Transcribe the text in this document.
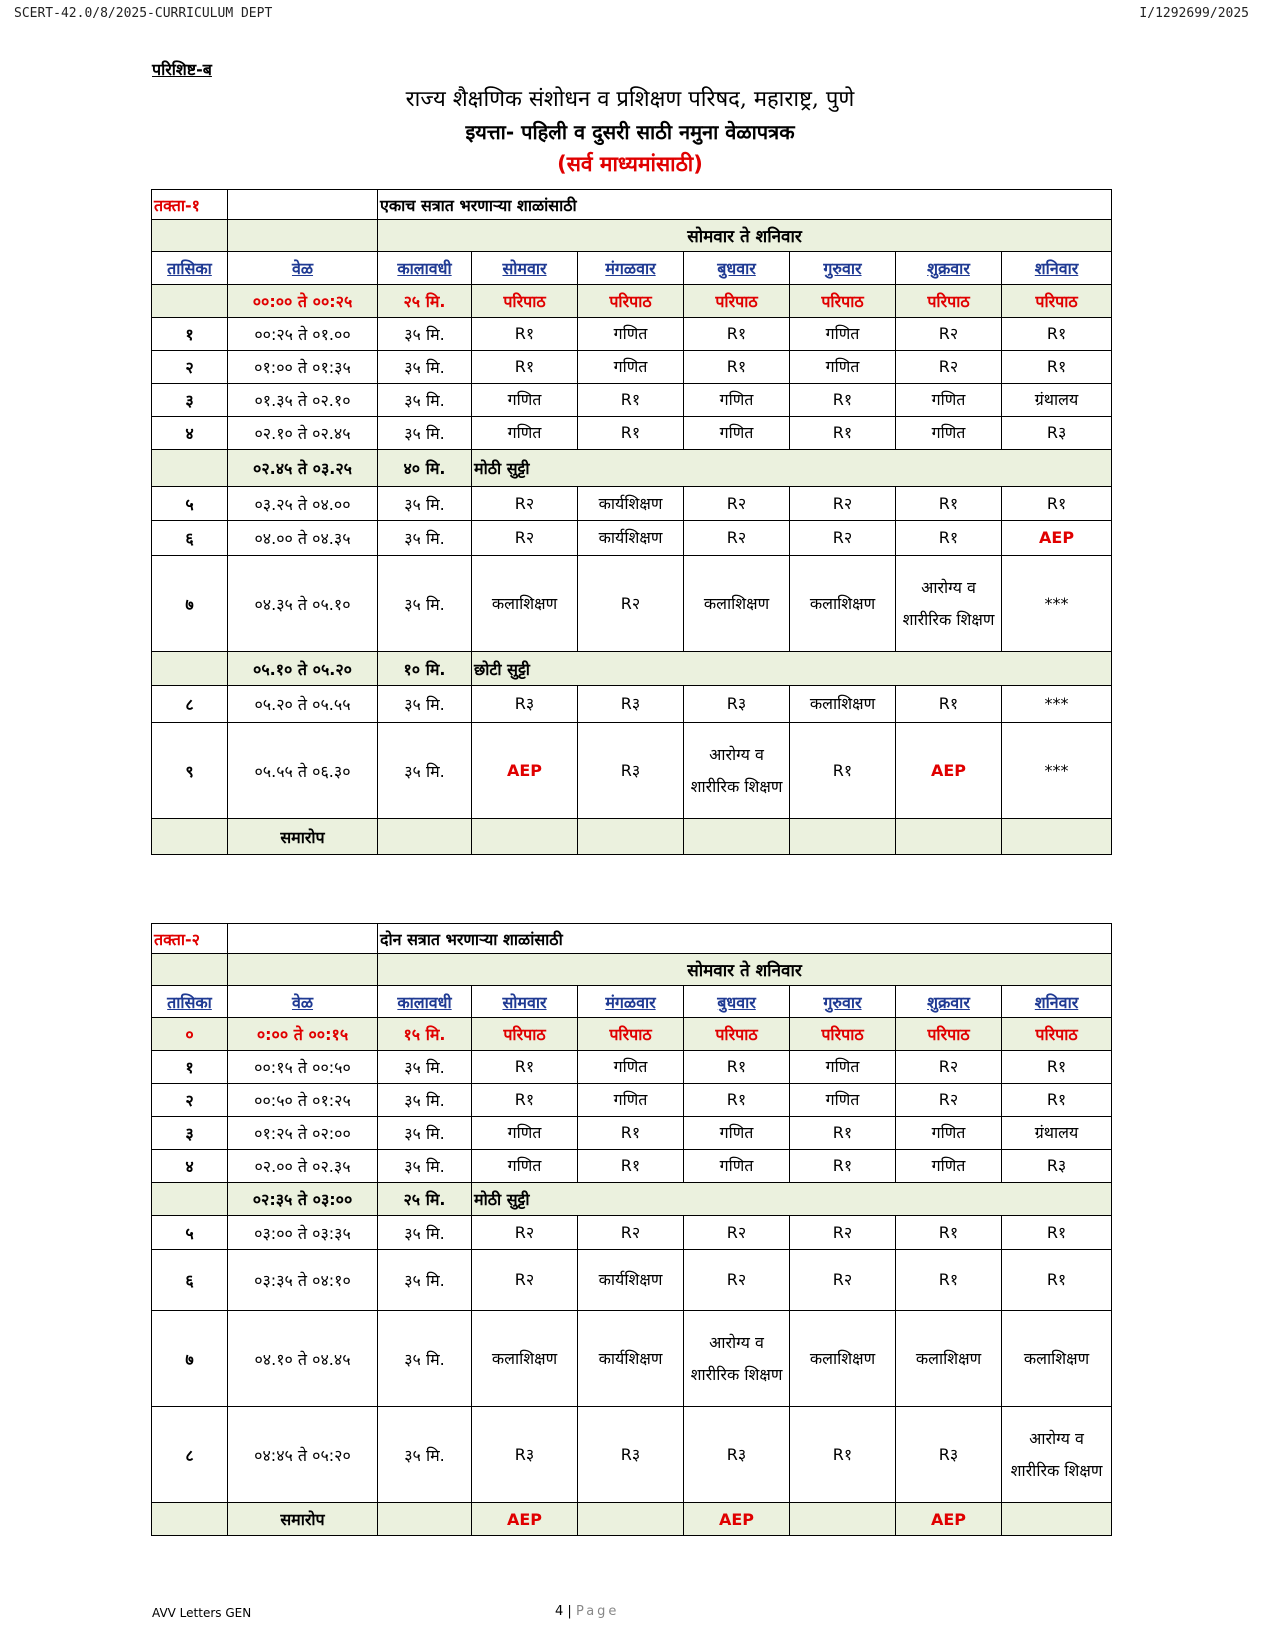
SCERT-42.0/8/2025-CURRICULUM DEPT	I/1292699/2025
परिशिष्ट-ब

राज्य शैक्षणिक संशोधन व प्रशिक्षण परिषद, महाराष्ट्र, पुणे

इयत्ता- पहिली व दुसरी साठी नमुना वेळापत्रक

(सर्व माध्यमांसाठी)

तक्ता-१		एकाच सत्रात भरणाऱ्या शाळांसाठी						
		सोमवार ते शनिवार						
तासिका	वेळ	कालावधी	सोमवार	मंगळवार	बुधवार	गुरुवार	शुक्रवार	शनिवार
	००:०० ते ००:२५	२५ मि.	परिपाठ	परिपाठ	परिपाठ	परिपाठ	परिपाठ	परिपाठ
१	००:२५ ते ०१.००	३५ मि.	R१	गणित	R१	गणित	R२	R१
२	०१:०० ते ०१:३५	३५ मि.	R१	गणित	R१	गणित	R२	R१
३	०१.३५ ते ०२.१०	३५ मि.	गणित	R१	गणित	R१	गणित	ग्रंथालय
४	०२.१० ते ०२.४५	३५ मि.	गणित	R१	गणित	R१	गणित	R३
	०२.४५ ते ०३.२५	४० मि.	मोठी सुट्टी					
५	०३.२५ ते ०४.००	३५ मि.	R२	कार्यशिक्षण	R२	R२	R१	R१
६	०४.०० ते ०४.३५	३५ मि.	R२	कार्यशिक्षण	R२	R२	R१	AEP
७	०४.३५ ते ०५.१०	३५ मि.	कलाशिक्षण	R२	कलाशिक्षण	कलाशिक्षण	आरोग्य व शारीरिक शिक्षण	***
	०५.१० ते ०५.२०	१० मि.	छोटी सुट्टी					
८	०५.२० ते ०५.५५	३५ मि.	R३	R३	R३	कलाशिक्षण	R१	***
९	०५.५५ ते ०६.३०	३५ मि.	AEP	R३	आरोग्य व शारीरिक शिक्षण	R१	AEP	***
	समारोप							
तक्ता-२		दोन सत्रात भरणाऱ्या शाळांसाठी						
		सोमवार ते शनिवार						
तासिका	वेळ	कालावधी	सोमवार	मंगळवार	बुधवार	गुरुवार	शुक्रवार	शनिवार
०	०:०० ते ००:१५	१५ मि.	परिपाठ	परिपाठ	परिपाठ	परिपाठ	परिपाठ	परिपाठ
१	००:१५ ते ००:५०	३५ मि.	R१	गणित	R१	गणित	R२	R१
२	००:५० ते ०१:२५	३५ मि.	R१	गणित	R१	गणित	R२	R१
३	०१:२५ ते ०२:००	३५ मि.	गणित	R१	गणित	R१	गणित	ग्रंथालय
४	०२.०० ते ०२.३५	३५ मि.	गणित	R१	गणित	R१	गणित	R३
	०२:३५ ते ०३:००	२५ मि.	मोठी सुट्टी					
५	०३:०० ते ०३:३५	३५ मि.	R२	R२	R२	R२	R१	R१
६	०३:३५ ते ०४:१०	३५ मि.	R२	कार्यशिक्षण	R२	R२	R१	R१
७	०४.१० ते ०४.४५	३५ मि.	कलाशिक्षण	कार्यशिक्षण	आरोग्य व शारीरिक शिक्षण	कलाशिक्षण	कलाशिक्षण	कलाशिक्षण
८	०४:४५ ते ०५:२०	३५ मि.	R३	R३	R३	R१	R३	आरोग्य व शारीरिक शिक्षण
	समारोप		AEP		AEP		AEP	
AVV Letters GEN	4 | Page
